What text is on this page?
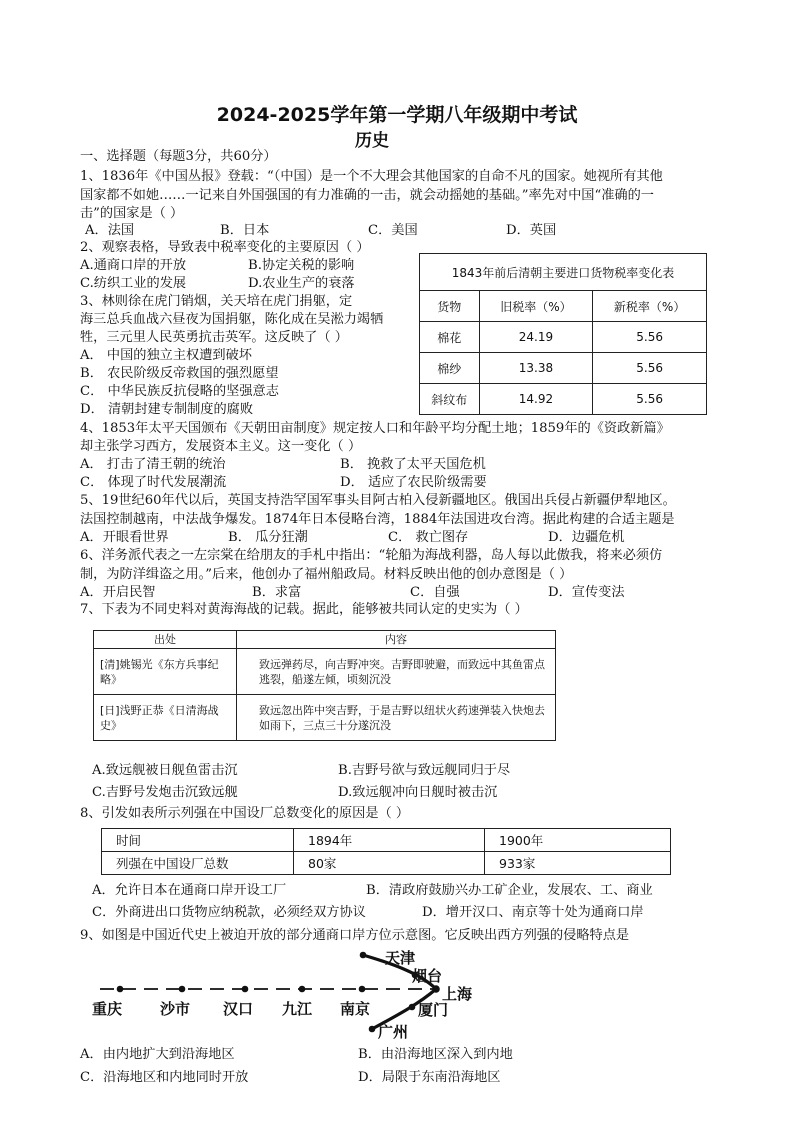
2024-2025学年第一学期八年级期中考试
历史
一、选择题（每题3分，共60分）
1、1836年《中国丛报》登载：“（中国）是一个不大理会其他国家的自命不凡的国家。她视所有其他
国家都不如她……一记来自外国强国的有力准确的一击，就会动摇她的基础。”率先对中国“准确的一
击”的国家是（ ）
A．法国	B．日本	C．美国	D．英国
2、观察表格，导致表中税率变化的主要原因（ ）
A.通商口岸的开放	B.协定关税的影响
C.纺织工业的发展	D.农业生产的衰落
1843年前后清朝主要进口货物税率变化表		
货物	旧税率（%）	新税率（%）
棉花	24.19	5.56
棉纱	13.38	5.56
斜纹布	14.92	5.56
3、林则徐在虎门销烟，关天培在虎门捐躯，定
海三总兵血战六昼夜为国捐躯，陈化成在吴淞力竭牺
牲，三元里人民英勇抗击英军。这反映了（ ）
A． 中国的独立主权遭到破坏
B． 农民阶级反帝救国的强烈愿望
C． 中华民族反抗侵略的坚强意志
D． 清朝封建专制制度的腐败
4、1853年太平天国颁布《天朝田亩制度》规定按人口和年龄平均分配土地；1859年的《资政新篇》
却主张学习西方，发展资本主义。这一变化（ ）
A． 打击了清王朝的统治	B． 挽救了太平天国危机
C． 体现了时代发展潮流	D． 适应了农民阶级需要
5、19世纪60年代以后，英国支持浩罕国军事头目阿古柏入侵新疆地区。俄国出兵侵占新疆伊犁地区。
法国控制越南，中法战争爆发。1874年日本侵略台湾，1884年法国进攻台湾。据此构建的合适主题是
A．开眼看世界	B． 瓜分狂潮	C． 救亡图存	D．边疆危机
6、洋务派代表之一左宗棠在给朋友的手札中指出：“轮船为海战利器，岛人每以此傲我，将来必须仿
制，为防洋缉盗之用。”后来，他创办了福州船政局。材料反映出他的创办意图是（ ）
A．开启民智	B．求富	C．自强	D．宣传变法
7、下表为不同史料对黄海海战的记载。据此，能够被共同认定的史实为（ ）
出处	内容
[清]姚锡光《东方兵事纪略》	致远弹药尽，向吉野冲突。吉野即驶避，而致远中其鱼雷点逃裂，船遂左倾，顷刻沉没
[日]浅野正恭《日清海战史》	致远忽出阵中突吉野，于是吉野以纽状火药速弹装入快炮去如雨下，三点三十分遂沉没
A.致远舰被日舰鱼雷击沉	B.吉野号欲与致远舰同归于尽
C.吉野号发炮击沉致远舰	D.致远舰冲向日舰时被击沉
8、引发如表所示列强在中国设厂总数变化的原因是（ ）
时间	1894年	1900年
列强在中国设厂总数	80家	933家
A．允许日本在通商口岸开设工厂	B．清政府鼓励兴办工矿企业，发展农、工、商业
C．外商进出口货物应纳税款，必须经双方协议	D．增开汉口、南京等十处为通商口岸
9、如图是中国近代史上被迫开放的部分通商口岸方位示意图。它反映出西方列强的侵略特点是
重庆	沙市 汉口 九江 南京
天津
烟台
上海
厦门
广州
A．由内地扩大到沿海地区	B．由沿海地区深入到内地
C．沿海地区和内地同时开放	D．局限于东南沿海地区
